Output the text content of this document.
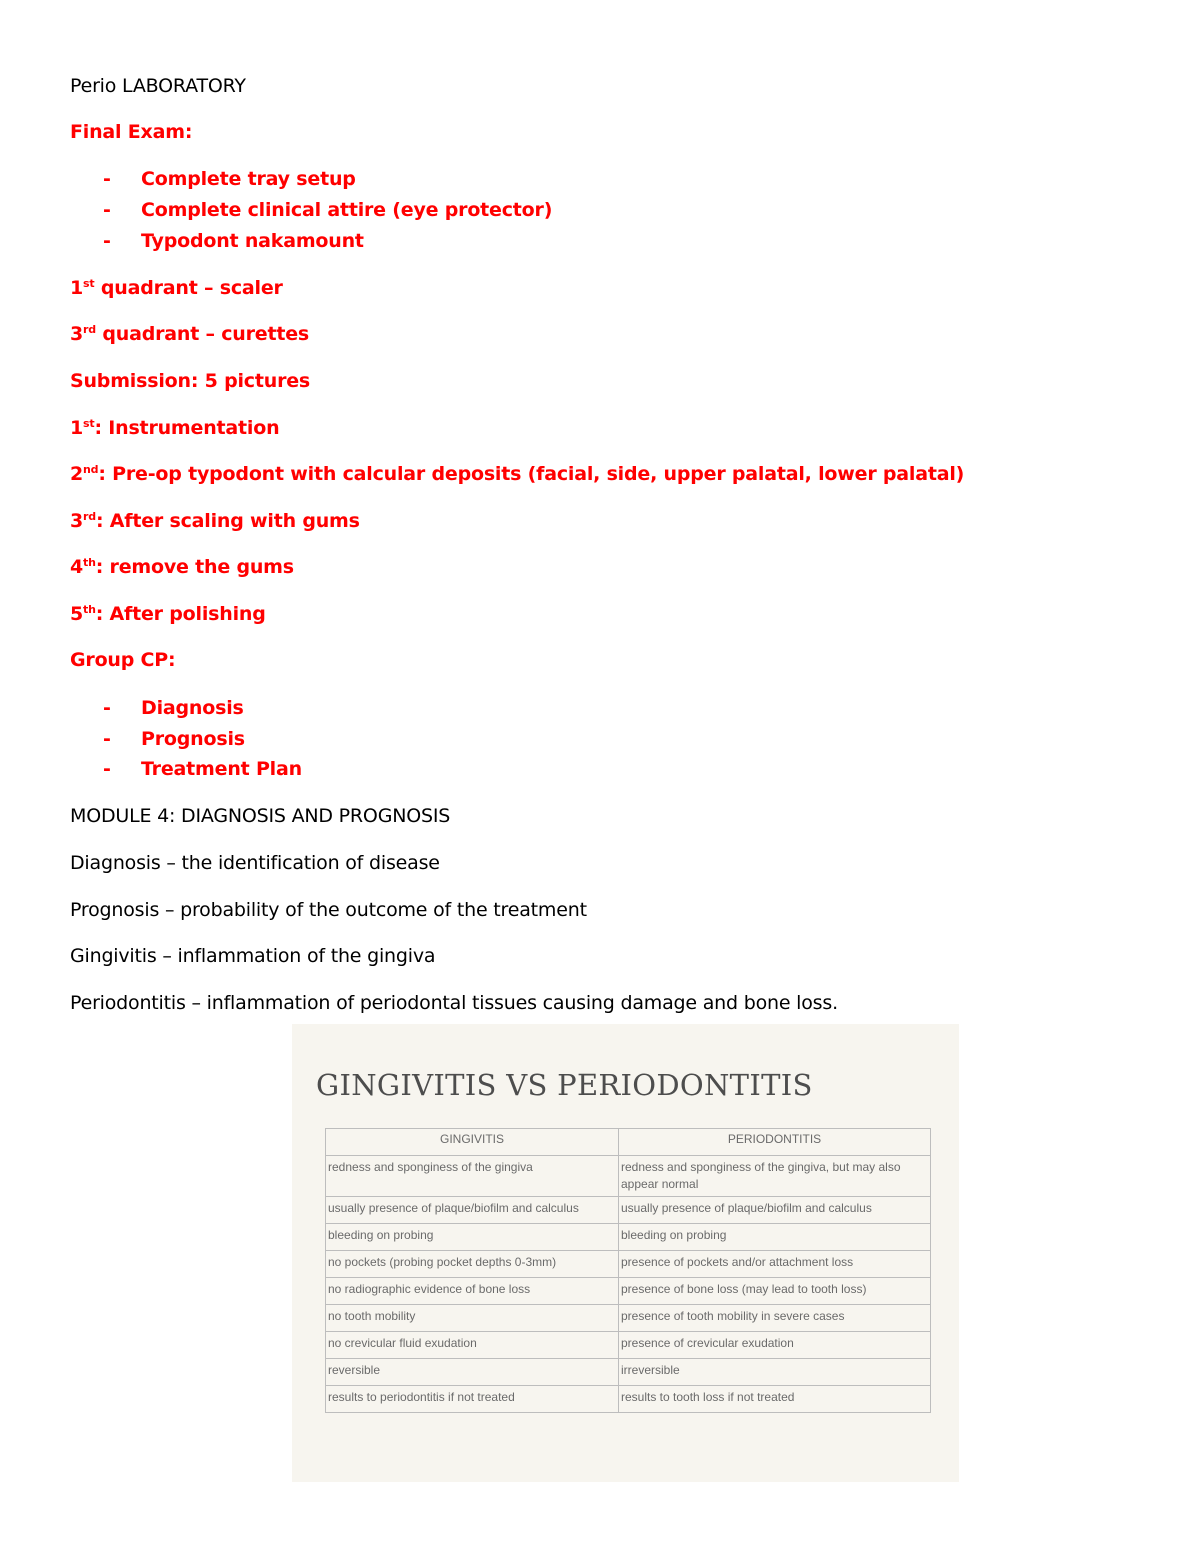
Perio LABORATORY
Final Exam:
- Complete tray setup
- Complete clinical attire (eye protector)
- Typodont nakamount
1st quadrant – scaler
3rd quadrant – curettes
Submission: 5 pictures
1st: Instrumentation
2nd: Pre-op typodont with calcular deposits (facial, side, upper palatal, lower palatal)
3rd: After scaling with gums
4th: remove the gums
5th: After polishing
Group CP:
- Diagnosis
- Prognosis
- Treatment Plan
MODULE 4: DIAGNOSIS AND PROGNOSIS
Diagnosis – the identification of disease
Prognosis – probability of the outcome of the treatment
Gingivitis – inflammation of the gingiva
Periodontitis – inflammation of periodontal tissues causing damage and bone loss.
GINGIVITIS VS PERIODONTITIS
GINGIVITIS	PERIODONTITIS
redness and sponginess of the gingiva	redness and sponginess of the gingiva, but may also appear normal
usually presence of plaque/biofilm and calculus	usually presence of plaque/biofilm and calculus
bleeding on probing	bleeding on probing
no pockets (probing pocket depths 0-3mm)	presence of pockets and/or attachment loss
no radiographic evidence of bone loss	presence of bone loss (may lead to tooth loss)
no tooth mobility	presence of tooth mobility in severe cases
no crevicular fluid exudation	presence of crevicular exudation
reversible	irreversible
results to periodontitis if not treated	results to tooth loss if not treated
